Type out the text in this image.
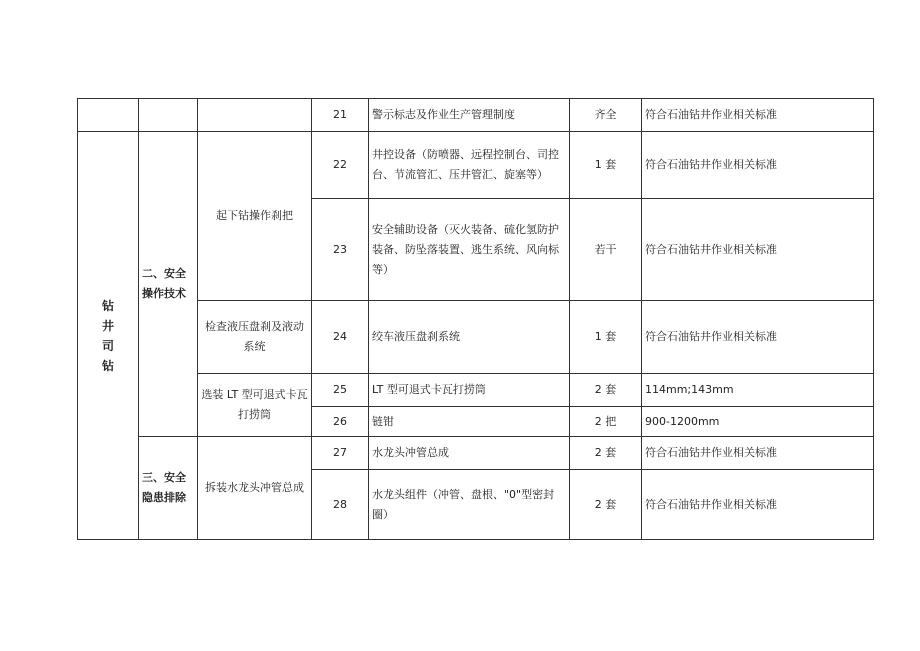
			21	警示标志及作业生产管理制度	齐全	符合石油钻井作业相关标准

钻
井
司
钻	二、安全操作技术	起下钻操作刹把	22	井控设备（防喷器、远程控制台、司控台、节流管汇、压井管汇、旋塞等）	1 套	符合石油钻井作业相关标准
			23	安全辅助设备（灭火装备、硫化氢防护装备、防坠落装置、逃生系统、风向标等）	若干	符合石油钻井作业相关标准
		检查液压盘刹及液动系统	24	绞车液压盘刹系统	1 套	符合石油钻井作业相关标准
		选装 LT 型可退式卡瓦打捞筒	25	LT 型可退式卡瓦打捞筒	2 套	114mm;143mm
			26	链钳	2 把	900-1200mm
	三、安全隐患排除	拆装水龙头冲管总成	27	水龙头冲管总成	2 套	符合石油钻井作业相关标准
			28	水龙头组件（冲管、盘根、"0"型密封圈）	2 套	符合石油钻井作业相关标准
